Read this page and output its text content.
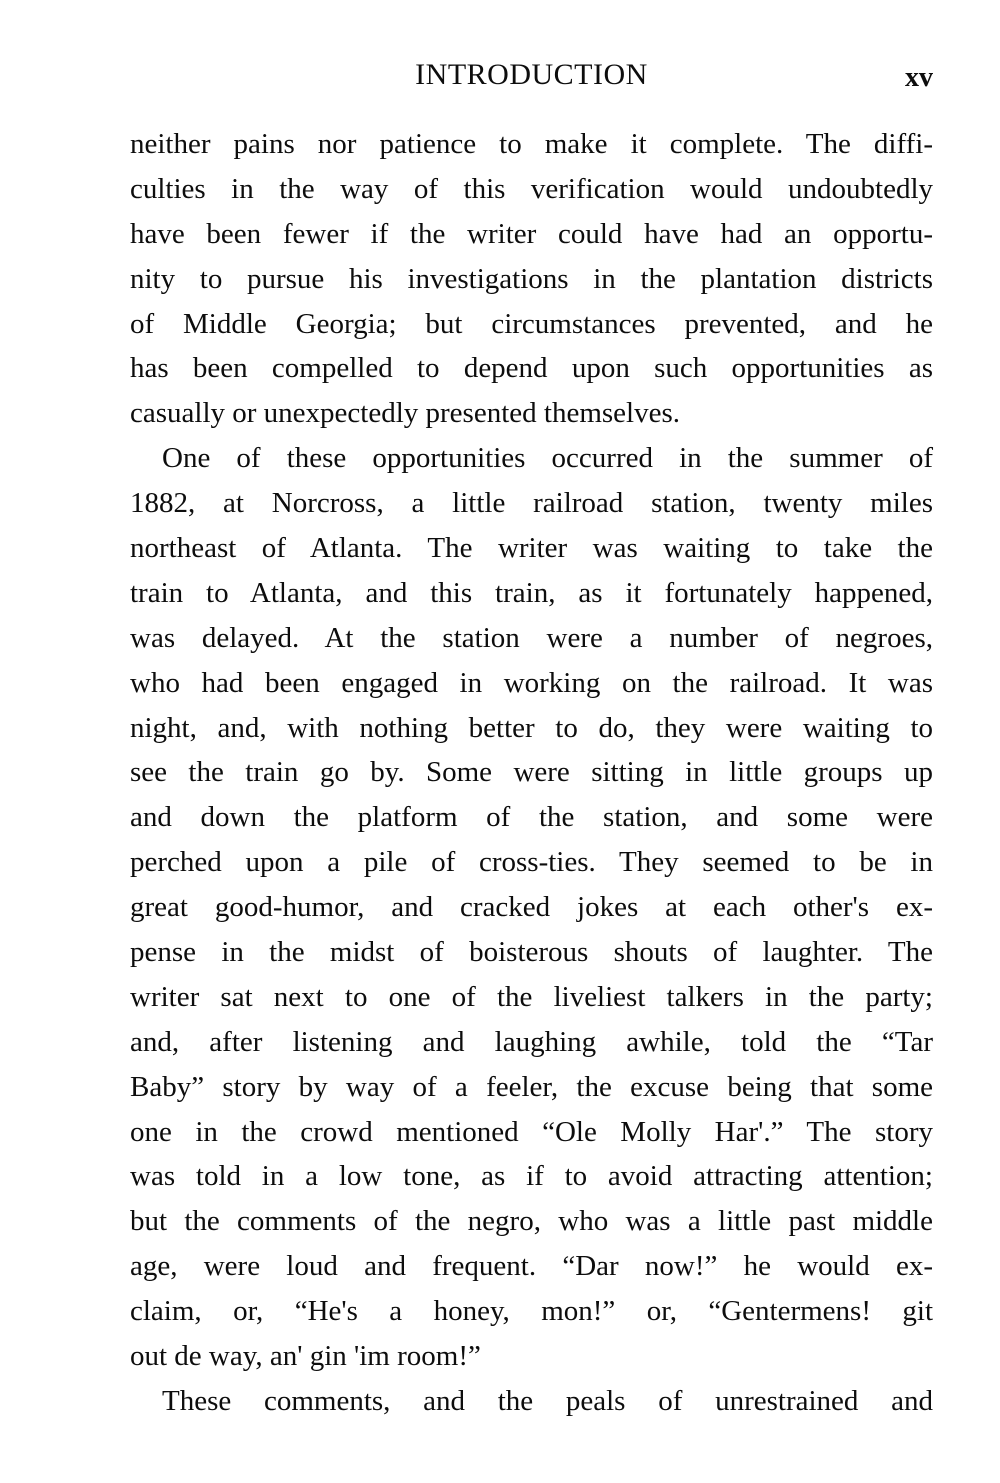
INTRODUCTION	xv
neither pains nor patience to make it complete. The diffi-
culties in the way of this verification would undoubtedly
have been fewer if the writer could have had an opportu-
nity to pursue his investigations in the plantation districts
of Middle Georgia; but circumstances prevented, and he
has been compelled to depend upon such opportunities as
casually or unexpectedly presented themselves.
One of these opportunities occurred in the summer of
1882, at Norcross, a little railroad station, twenty miles
northeast of Atlanta. The writer was waiting to take the
train to Atlanta, and this train, as it fortunately happened,
was delayed. At the station were a number of negroes,
who had been engaged in working on the railroad. It was
night, and, with nothing better to do, they were waiting to
see the train go by. Some were sitting in little groups up
and down the platform of the station, and some were
perched upon a pile of cross-ties. They seemed to be in
great good-humor, and cracked jokes at each other's ex-
pense in the midst of boisterous shouts of laughter. The
writer sat next to one of the liveliest talkers in the party;
and, after listening and laughing awhile, told the “Tar
Baby” story by way of a feeler, the excuse being that some
one in the crowd mentioned “Ole Molly Har'.” The story
was told in a low tone, as if to avoid attracting attention;
but the comments of the negro, who was a little past middle
age, were loud and frequent. “Dar now!” he would ex-
claim, or, “He's a honey, mon!” or, “Gentermens! git
out de way, an' gin 'im room!”
These comments, and the peals of unrestrained and
